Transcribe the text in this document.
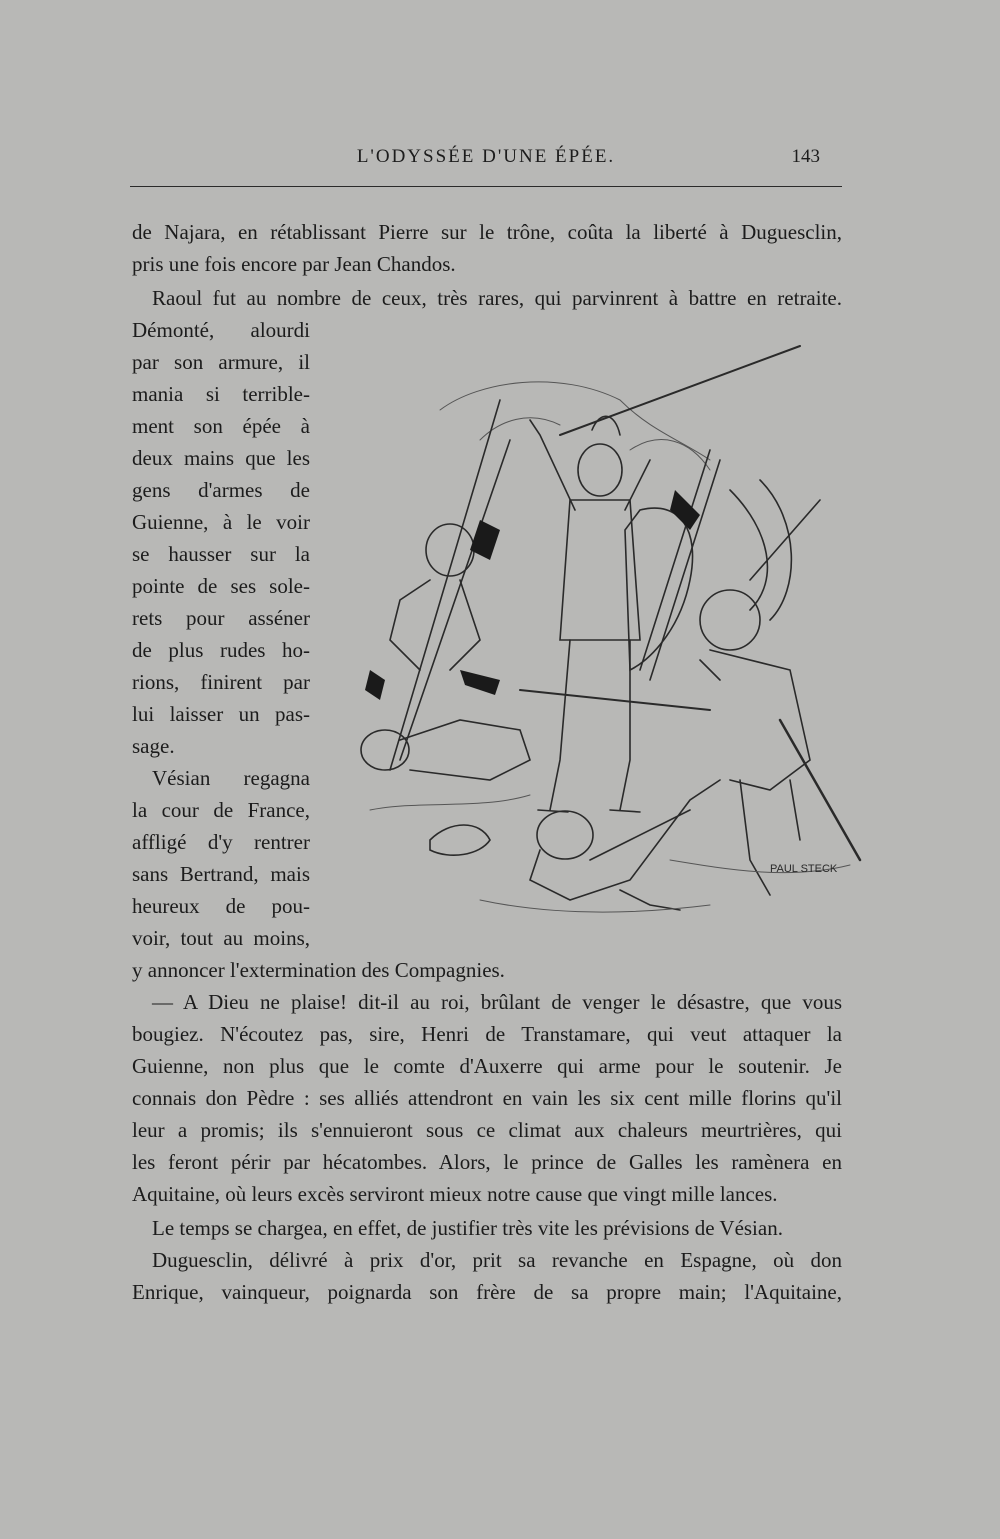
L'ODYSSÉE D'UNE ÉPÉE.	143
de Najara, en rétablissant Pierre sur le trône, coûta la liberté à Duguesclin,
pris une fois encore par Jean Chandos.
Raoul fut au nombre de ceux, très rares, qui parvinrent à battre en retraite.
Démonté, alourdi
par son armure, il
mania si terrible-
ment son épée à
deux mains que les
gens d'armes de
Guienne, à le voir
se hausser sur la
pointe de ses sole-
rets pour asséner
de plus rudes ho-
rions, finirent par
lui laisser un pas-
sage.
Vésian regagna
la cour de France,
affligé d'y rentrer
sans Bertrand, mais
heureux de pou-
voir, tout au moins,
y annoncer l'extermination des Compagnies.
— A Dieu ne plaise! dit-il au roi, brûlant de venger le désastre, que vous
bougiez. N'écoutez pas, sire, Henri de Transtamare, qui veut attaquer la
Guienne, non plus que le comte d'Auxerre qui arme pour le soutenir. Je
connais don Pèdre : ses alliés attendront en vain les six cent mille florins qu'il
leur a promis; ils s'ennuieront sous ce climat aux chaleurs meurtrières, qui
les feront périr par hécatombes. Alors, le prince de Galles les ramènera en
Aquitaine, où leurs excès serviront mieux notre cause que vingt mille lances.
Le temps se chargea, en effet, de justifier très vite les prévisions de Vésian.
Duguesclin, délivré à prix d'or, prit sa revanche en Espagne, où don
Enrique, vainqueur, poignarda son frère de sa propre main; l'Aquitaine,
PAUL STECK
